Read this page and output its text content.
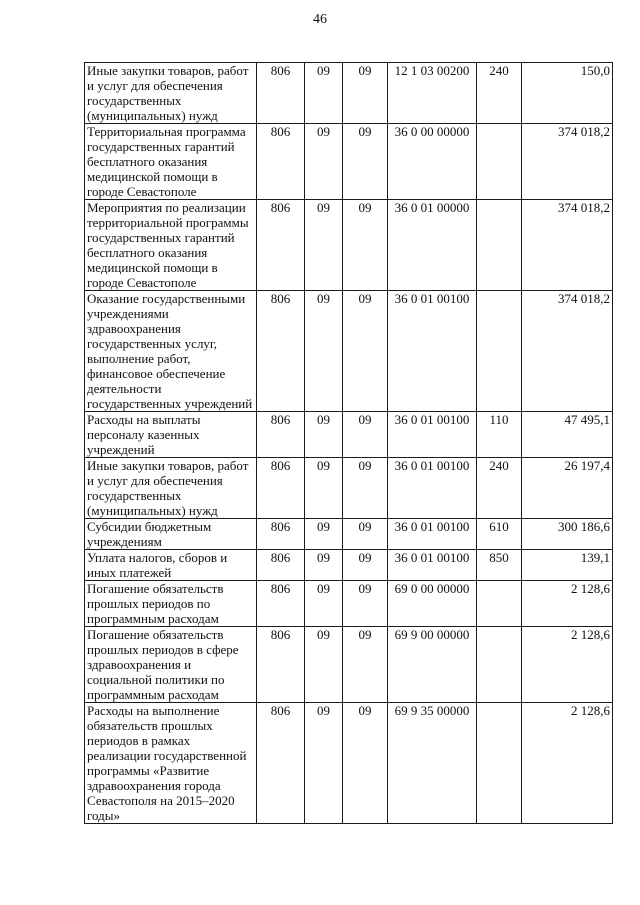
46
Иные закупки товаров, работ и услуг для обеспечения государственных (муниципальных) нужд	806	09	09	12 1 03 00200	240	150,0
Территориальная программа государственных гарантий бесплатного оказания медицинской помощи в городе Севастополе	806	09	09	36 0 00 00000		374 018,2
Мероприятия по реализации территориальной программы государственных гарантий бесплатного оказания медицинской помощи в городе Севастополе	806	09	09	36 0 01 00000		374 018,2
Оказание государственными учреждениями здравоохранения государственных услуг, выполнение работ, финансовое обеспечение деятельности государственных учреждений	806	09	09	36 0 01 00100		374 018,2
Расходы на выплаты персоналу казенных учреждений	806	09	09	36 0 01 00100	110	47 495,1
Иные закупки товаров, работ и услуг для обеспечения государственных (муниципальных) нужд	806	09	09	36 0 01 00100	240	26 197,4
Субсидии бюджетным учреждениям	806	09	09	36 0 01 00100	610	300 186,6
Уплата налогов, сборов и иных платежей	806	09	09	36 0 01 00100	850	139,1
Погашение обязательств прошлых периодов по программным расходам	806	09	09	69 0 00 00000		2 128,6
Погашение обязательств прошлых периодов в сфере здравоохранения и социальной политики по программным расходам	806	09	09	69 9 00 00000		2 128,6
Расходы на выполнение обязательств прошлых периодов в рамках реализации государственной программы «Развитие здравоохранения города Севастополя на 2015–2020 годы»	806	09	09	69 9 35 00000		2 128,6
